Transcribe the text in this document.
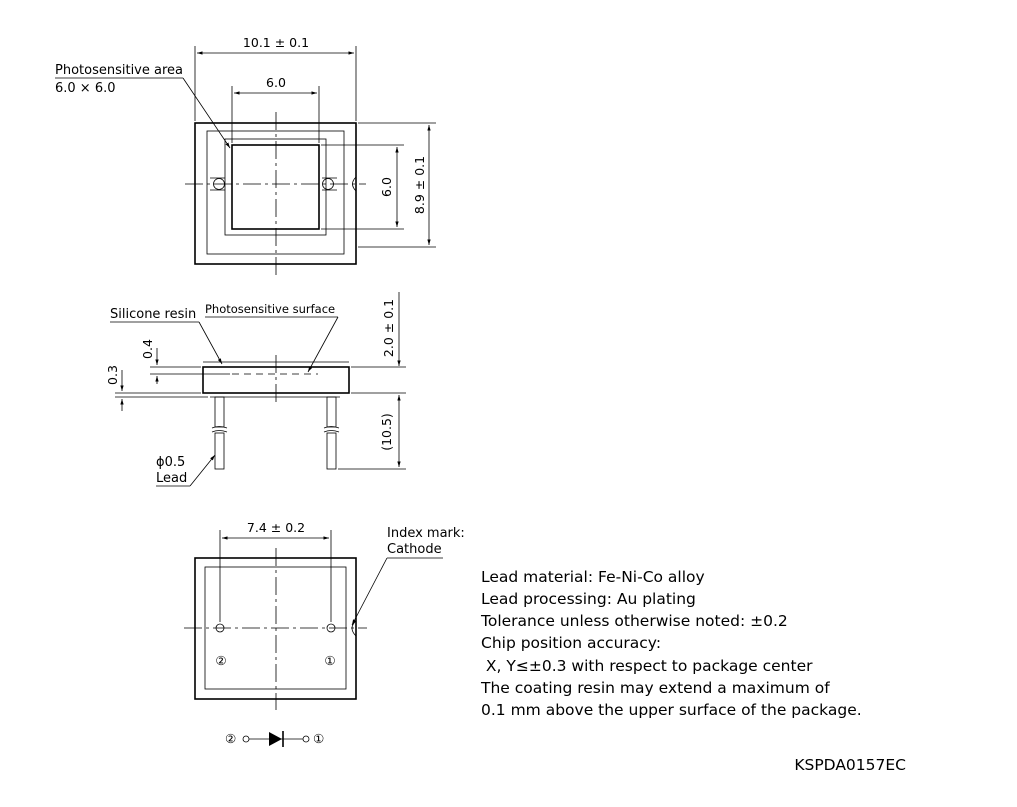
10.1 ± 0.1
6.0
6.0 8.9 ± 0.1
Photosensitive area
6.0 × 6.0
2.0 ± 0.1
(10.5)
0.4
0.3
Silicone resin Photosensitive surface
ϕ0.5
Lead
②	①
7.4 ± 0.2	Index mark:
Cathode
②	①
Lead material: Fe-Ni-Co alloy
Lead processing: Au plating
Tolerance unless otherwise noted: ±0.2
Chip position accuracy:
X, Y≤±0.3 with respect to package center
The coating resin may extend a maximum of
0.1 mm above the upper surface of the package.
KSPDA0157EC
